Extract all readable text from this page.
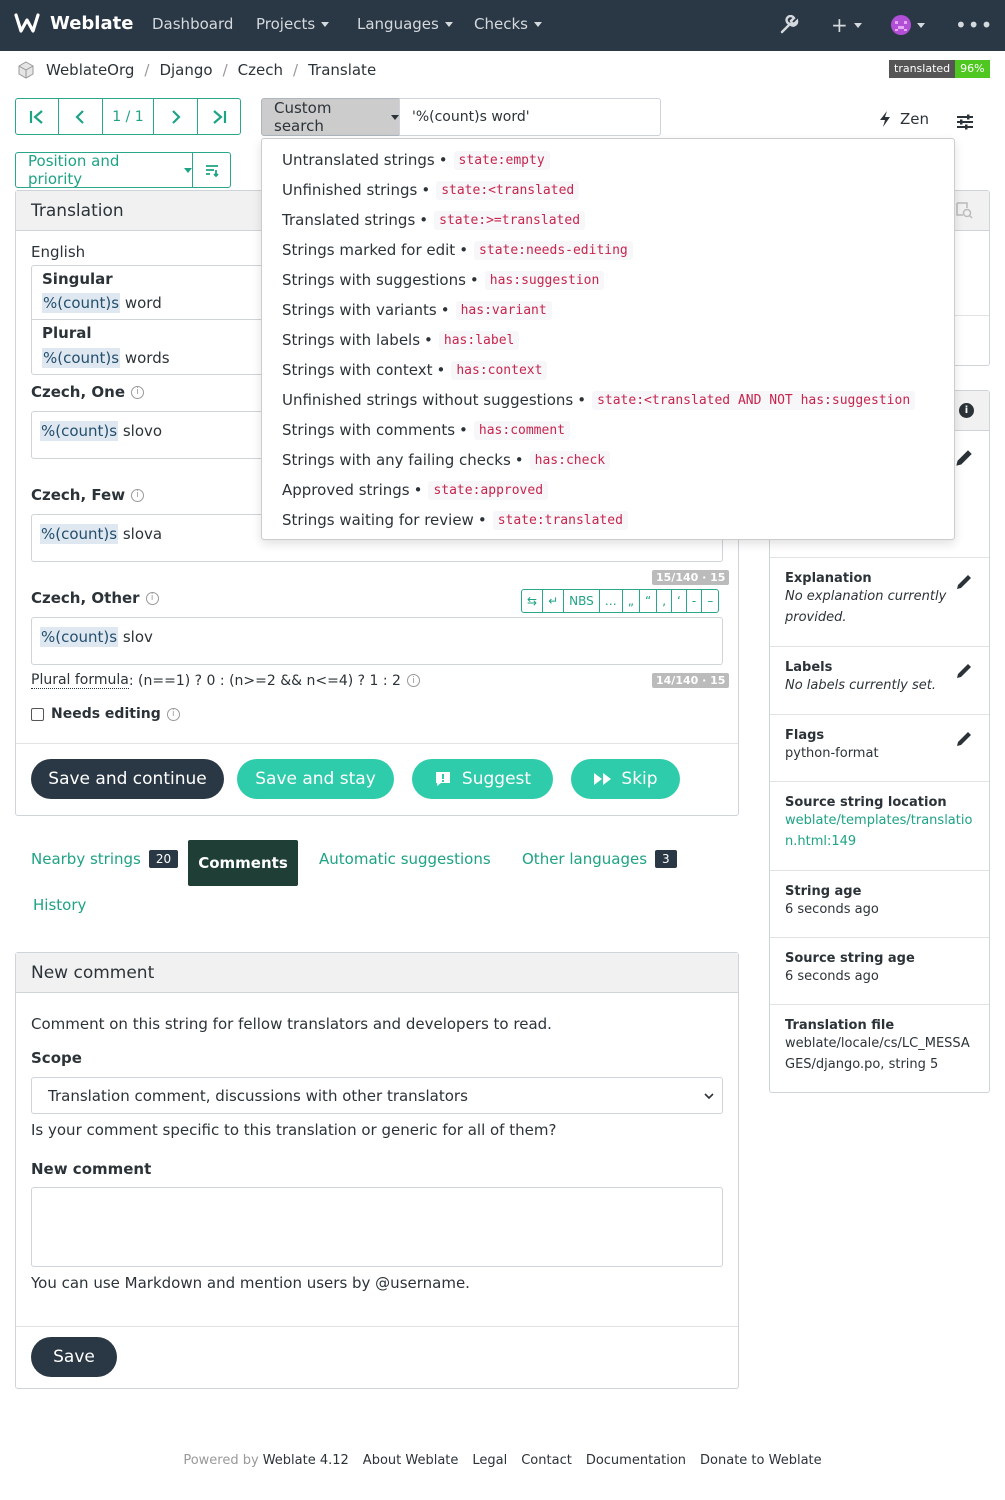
Weblate Dashboard Projects	Languages	Checks	+	•••
WeblateOrg / Django / Czech / Translate	translated 96%
1 / 1	Custom search	'%(count)s word'	Zen
Position and priority
Translation
English
Singular
%(count)s word
Plural
%(count)s words
Czech, One	i
%(count)s slovo
Czech, Few	i
%(count)s slova
15/140 · 15
Czech, Other	i	⇆ ↵ NBS … „ “ , ‘ - –
%(count)s slov
Plural formula : (n==1) ? 0 : (n>=2 && n<=4) ? 1 : 2	i	14/140 · 15
Needs editing	i
Save and continue	Save and stay	Suggest	Skip
Nearby strings	20	Comments	Automatic suggestions Other languages	3
History
New comment
Comment on this string for fellow translators and developers to read.
Scope
Translation comment, discussions with other translators
Is your comment specific to this translation or generic for all of them?
New comment
You can use Markdown and mention users by @username.
Save
i
Explanation
No explanation currently provided.
Labels
No labels currently set.
Flags
python-format
Source string location
weblate/templates/translation.html:149
String age
6 seconds ago
Source string age
6 seconds ago
Translation file
weblate/locale/cs/LC_MESSAGES/django.po, string 5
Untranslated strings • state:empty
Unfinished strings • state:<translated
Translated strings • state:>=translated
Strings marked for edit • state:needs-editing
Strings with suggestions • has:suggestion
Strings with variants • has:variant
Strings with labels • has:label
Strings with context • has:context
Unfinished strings without suggestions • state:<translated AND NOT has:suggestion
Strings with comments • has:comment
Strings with any failing checks • has:check
Approved strings • state:approved
Strings waiting for review • state:translated
Powered by Weblate 4.12 About Weblate Legal Contact Documentation Donate to Weblate
